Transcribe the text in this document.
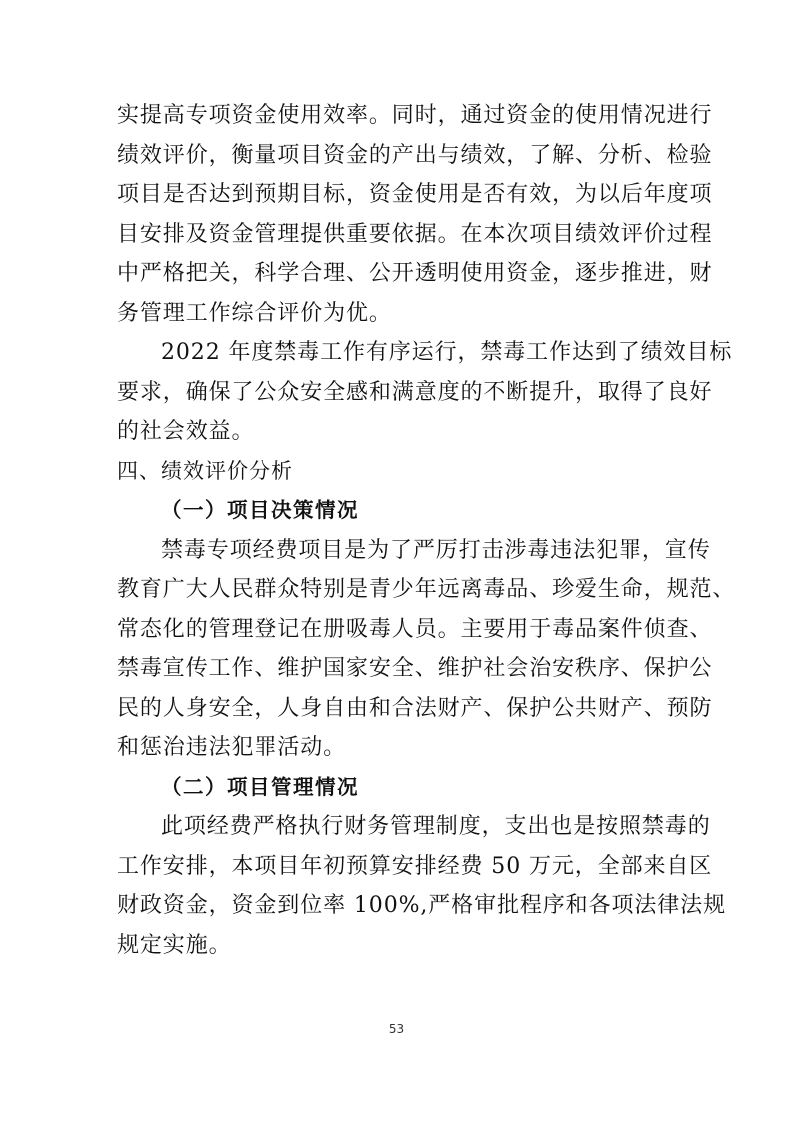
实提高专项资金使用效率。同时，通过资金的使用情况进行
绩效评价，衡量项目资金的产出与绩效，了解、分析、检验
项目是否达到预期目标，资金使用是否有效，为以后年度项
目安排及资金管理提供重要依据。在本次项目绩效评价过程
中严格把关，科学合理、公开透明使用资金，逐步推进，财
务管理工作综合评价为优。
2022 年度禁毒工作有序运行，禁毒工作达到了绩效目标
要求，确保了公众安全感和满意度的不断提升，取得了良好
的社会效益。
四、绩效评价分析
（一）项目决策情况
禁毒专项经费项目是为了严厉打击涉毒违法犯罪，宣传
教育广大人民群众特别是青少年远离毒品、珍爱生命，规范、
常态化的管理登记在册吸毒人员。主要用于毒品案件侦查、
禁毒宣传工作、维护国家安全、维护社会治安秩序、保护公
民的人身安全，人身自由和合法财产、保护公共财产、预防
和惩治违法犯罪活动。
（二）项目管理情况
此项经费严格执行财务管理制度，支出也是按照禁毒的
工作安排，本项目年初预算安排经费 50 万元，全部来自区
财政资金，资金到位率 100%,严格审批程序和各项法律法规
规定实施。
53
